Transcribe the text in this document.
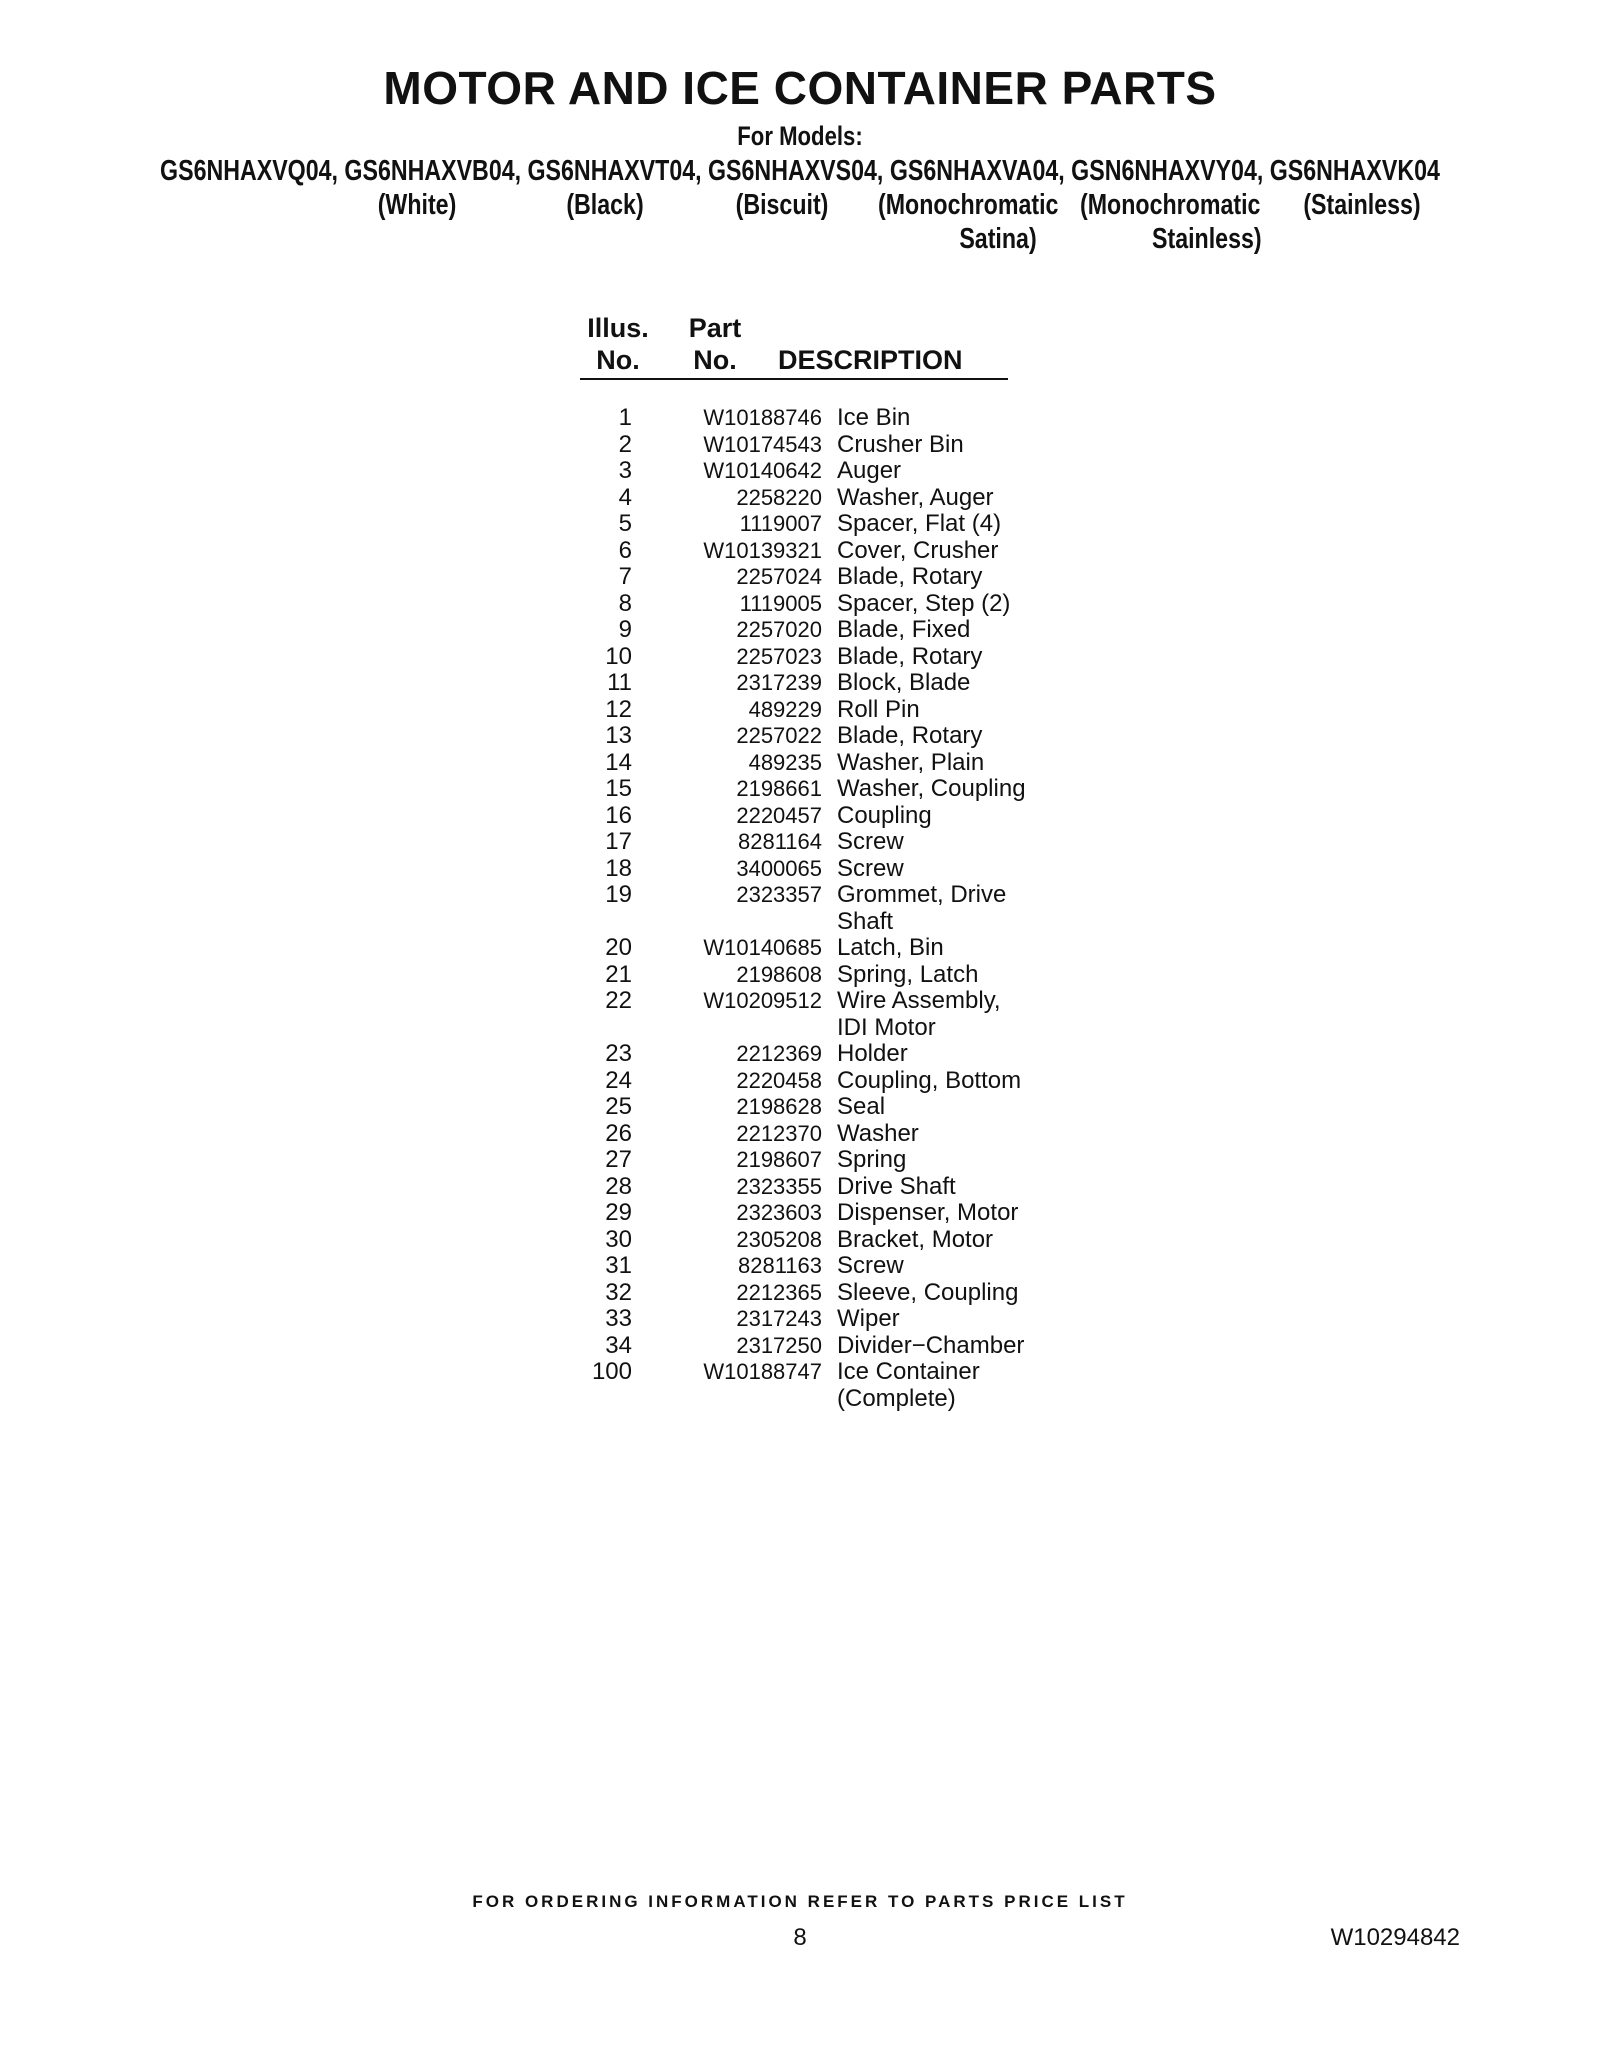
MOTOR AND ICE CONTAINER PARTS
For Models:
GS6NHAXVQ04, GS6NHAXVB04, GS6NHAXVT04, GS6NHAXVS04, GS6NHAXVA04, GSN6NHAXVY04, GS6NHAXVK04
(White)	(Black)	(Biscuit)	(Monochromatic
Satina)
(Monochromatic
Stainless)
(Stainless)
Illus.
No.
Part
No.	DESCRIPTION
1	W10188746 Ice Bin
2	W10174543 Crusher Bin
3	W10140642 Auger
4	2258220 Washer, Auger
5	1119007 Spacer, Flat (4)
6	W10139321 Cover, Crusher
7	2257024 Blade, Rotary
8	1119005 Spacer, Step (2)
9	2257020 Blade, Fixed
10	2257023 Blade, Rotary
11	2317239 Block, Blade
12	489229 Roll Pin
13	2257022 Blade, Rotary
14	489235 Washer, Plain
15	2198661 Washer, Coupling
16	2220457 Coupling
17	8281164 Screw
18	3400065 Screw
19	2323357 Grommet, Drive
Shaft
20	W10140685 Latch, Bin
21	2198608 Spring, Latch
22	W10209512 Wire Assembly,
IDI Motor
23	2212369 Holder
24	2220458 Coupling, Bottom
25	2198628 Seal
26	2212370 Washer
27	2198607 Spring
28	2323355 Drive Shaft
29	2323603 Dispenser, Motor
30	2305208 Bracket, Motor
31	8281163 Screw
32	2212365 Sleeve, Coupling
33	2317243 Wiper
34	2317250 Divider−Chamber
100	W10188747 Ice Container
(Complete)
FOR ORDERING INFORMATION REFER TO PARTS PRICE LIST
8	W10294842
